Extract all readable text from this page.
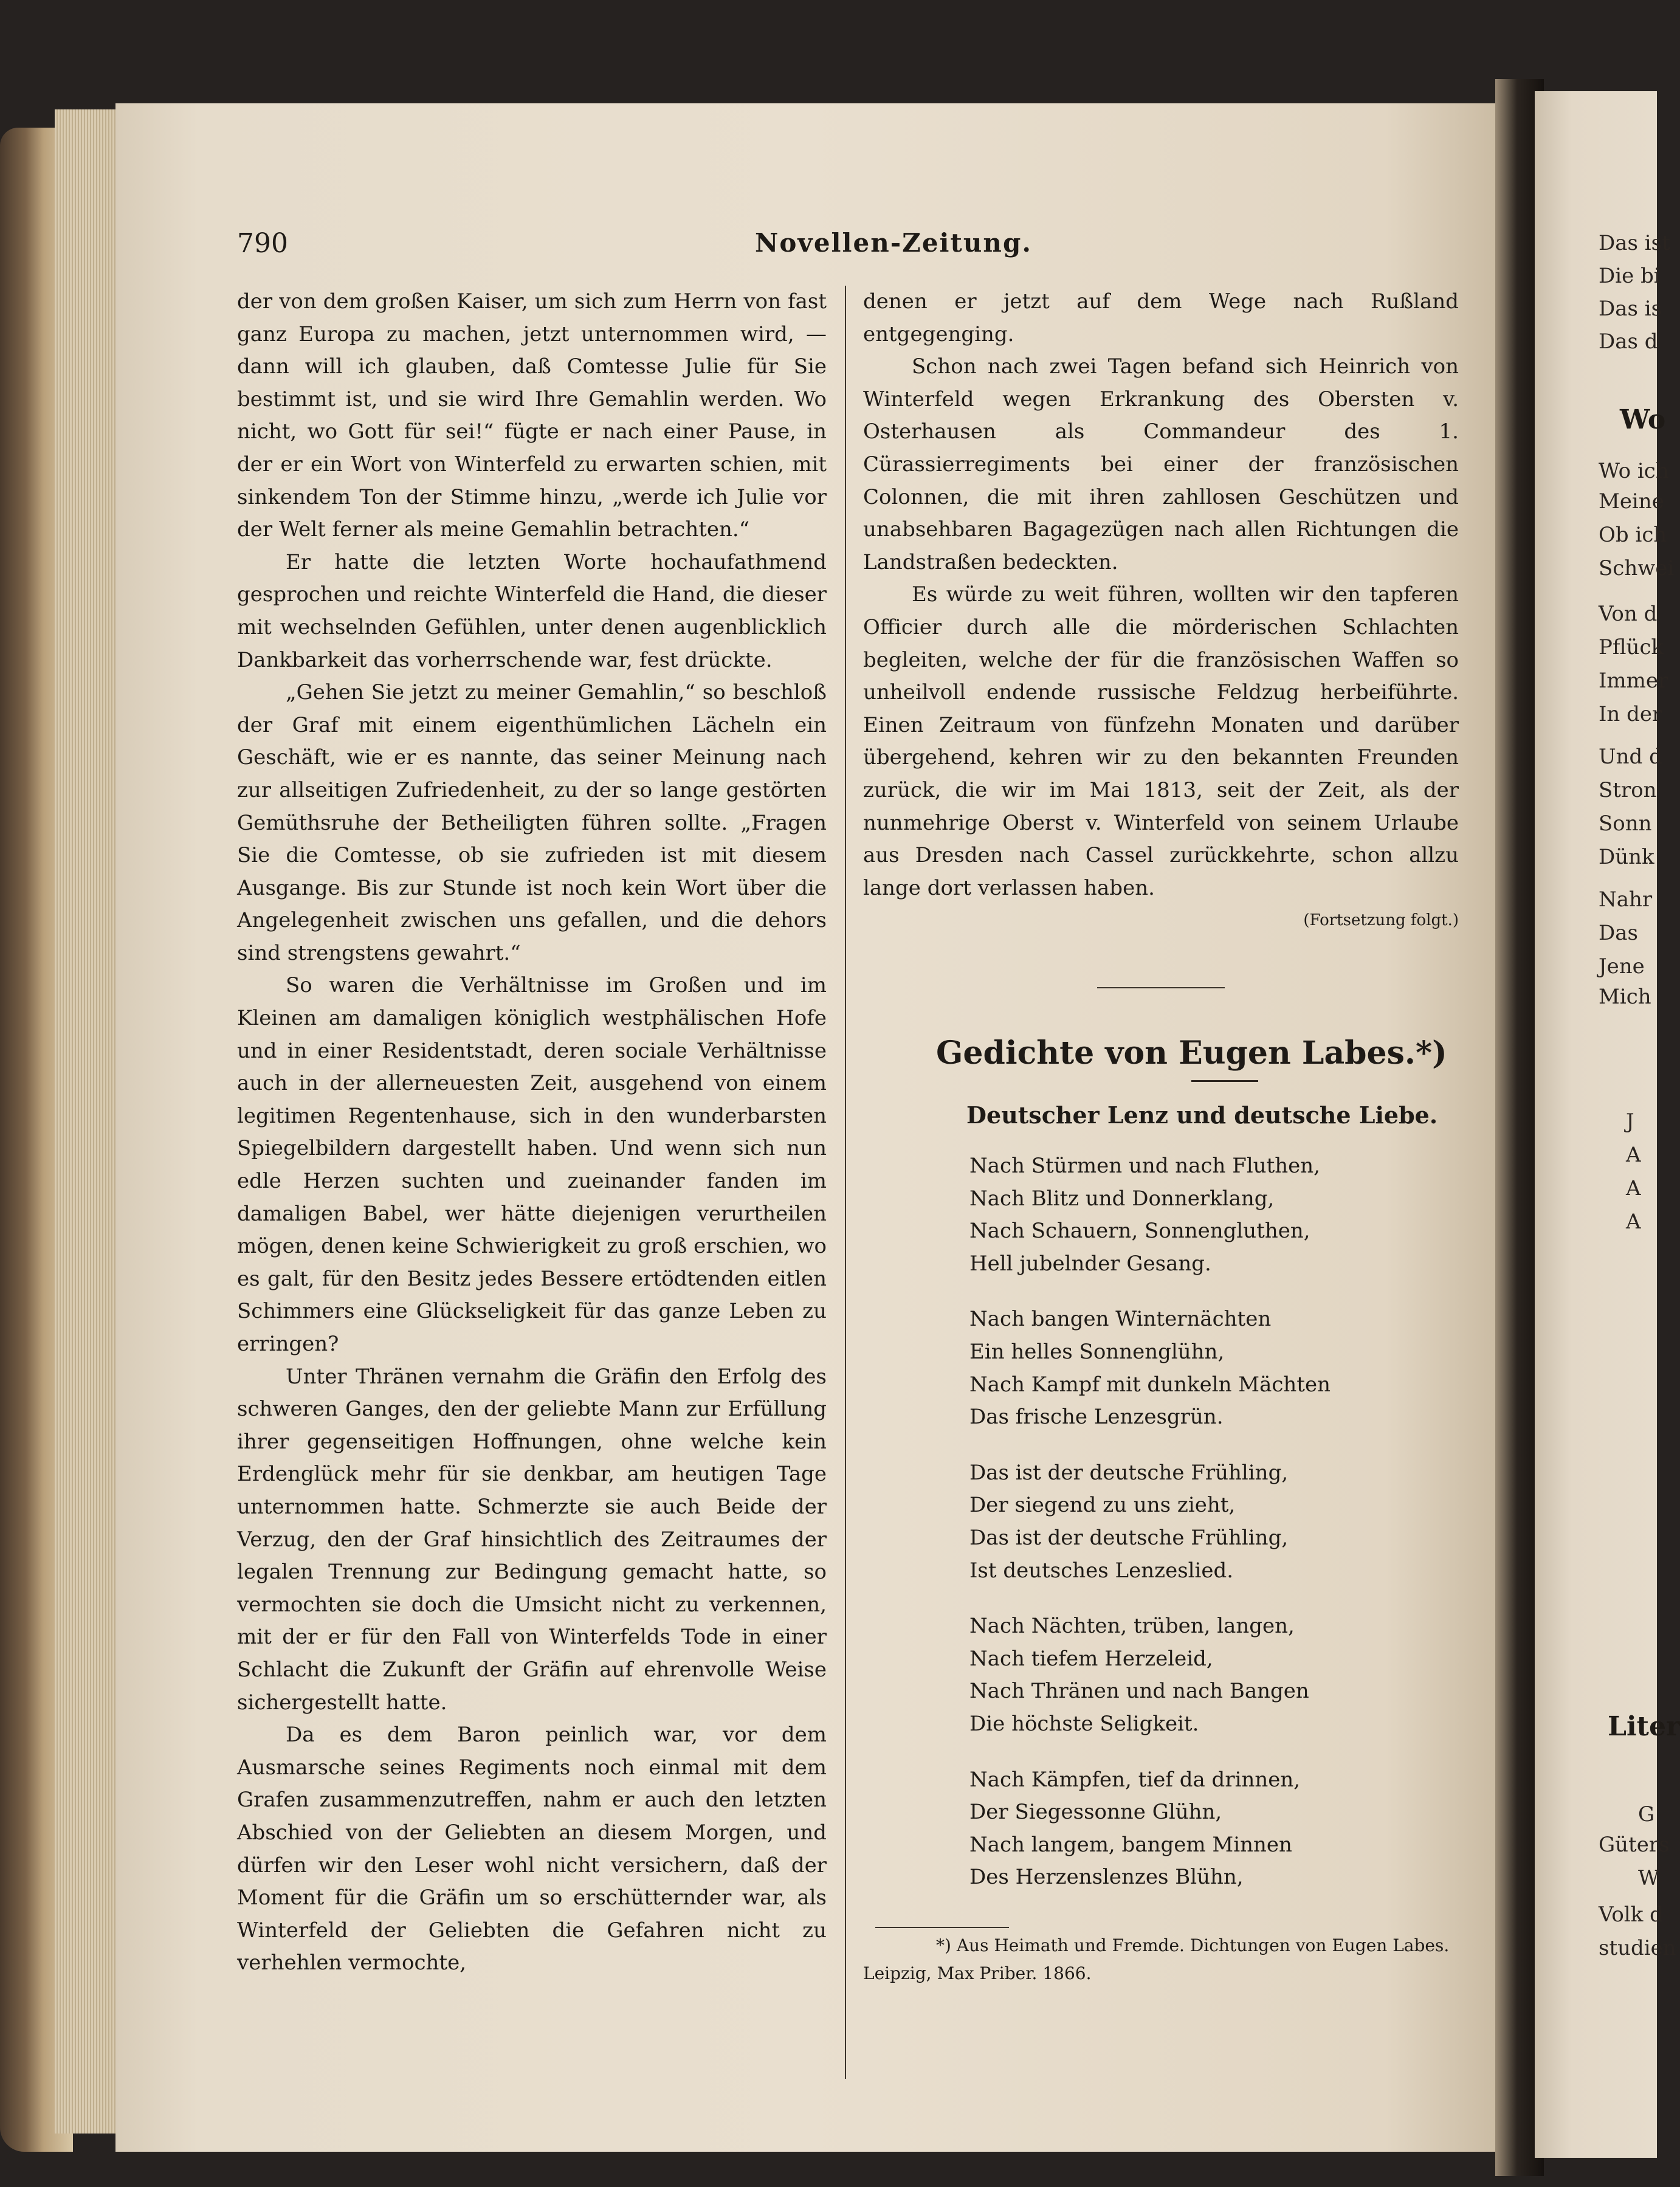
Das ist
Die bi
Das is
Das d
Wo
Wo ich
Meine
Ob ich
Schwei
Von d
Pflück
Immer
In der
Und d
Stron
Sonn
Dünk
Nahr
Das
Jene
Mich
J
A
A
A
Liter
G
Güters
W
Volk d
studien
790	Novellen-Zeitung.

der von dem großen Kaiser, um sich zum Herrn von fast ganz Europa zu machen, jetzt unternommen wird, — dann will ich glauben, daß Comtesse Julie für Sie bestimmt ist, und sie wird Ihre Gemahlin werden. Wo nicht, wo Gott für sei!“ fügte er nach einer Pause, in der er ein Wort von Winterfeld zu erwarten schien, mit sinkendem Ton der Stimme hinzu, „werde ich Julie vor der Welt ferner als meine Gemahlin betrachten.“

Er hatte die letzten Worte hochaufathmend gesprochen und reichte Winterfeld die Hand, die dieser mit wechselnden Gefühlen, unter denen augenblicklich Dankbarkeit das vorherrschende war, fest drückte.

„Gehen Sie jetzt zu meiner Gemahlin,“ so beschloß der Graf mit einem eigenthümlichen Lächeln ein Geschäft, wie er es nannte, das seiner Meinung nach zur allseitigen Zufriedenheit, zu der so lange gestörten Gemüthsruhe der Betheiligten führen sollte. „Fragen Sie die Comtesse, ob sie zufrieden ist mit diesem Ausgange. Bis zur Stunde ist noch kein Wort über die Angelegenheit zwischen uns gefallen, und die dehors sind strengstens gewahrt.“

So waren die Verhältnisse im Großen und im Kleinen am damaligen königlich westphälischen Hofe und in einer Residentstadt, deren sociale Verhältnisse auch in der allerneuesten Zeit, ausgehend von einem legitimen Regentenhause, sich in den wunderbarsten Spiegelbildern dargestellt haben. Und wenn sich nun edle Herzen suchten und zueinander fanden im damaligen Babel, wer hätte diejenigen verurtheilen mögen, denen keine Schwierigkeit zu groß erschien, wo es galt, für den Besitz jedes Bessere ertödtenden eitlen Schimmers eine Glückseligkeit für das ganze Leben zu erringen?

Unter Thränen vernahm die Gräfin den Erfolg des schweren Ganges, den der geliebte Mann zur Erfüllung ihrer gegenseitigen Hoffnungen, ohne welche kein Erdenglück mehr für sie denkbar, am heutigen Tage unternommen hatte. Schmerzte sie auch Beide der Verzug, den der Graf hinsichtlich des Zeitraumes der legalen Trennung zur Bedingung gemacht hatte, so vermochten sie doch die Umsicht nicht zu verkennen, mit der er für den Fall von Winterfelds Tode in einer Schlacht die Zukunft der Gräfin auf ehrenvolle Weise sichergestellt hatte.

Da es dem Baron peinlich war, vor dem Ausmarsche seines Regiments noch einmal mit dem Grafen zusammenzutreffen, nahm er auch den letzten Abschied von der Geliebten an diesem Morgen, und dürfen wir den Leser wohl nicht versichern, daß der Moment für die Gräfin um so erschütternder war, als Winterfeld der Geliebten die Gefahren nicht zu verhehlen vermochte,

denen er jetzt auf dem Wege nach Rußland entgegenging.

Schon nach zwei Tagen befand sich Heinrich von Winterfeld wegen Erkrankung des Obersten v. Osterhausen als Commandeur des 1. Cürassierregiments bei einer der französischen Colonnen, die mit ihren zahllosen Geschützen und unabsehbaren Bagagezügen nach allen Richtungen die Landstraßen bedeckten.

Es würde zu weit führen, wollten wir den tapferen Officier durch alle die mörderischen Schlachten begleiten, welche der für die französischen Waffen so unheilvoll endende russische Feldzug herbeiführte. Einen Zeitraum von fünfzehn Monaten und darüber übergehend, kehren wir zu den bekannten Freunden zurück, die wir im Mai 1813, seit der Zeit, als der nunmehrige Oberst v. Winterfeld von seinem Urlaube aus Dresden nach Cassel zurückkehrte, schon allzu lange dort verlassen haben.

(Fortsetzung folgt.)

Gedichte von Eugen Labes.*)
Deutscher Lenz und deutsche Liebe.
Nach Stürmen und nach Fluthen,
Nach Blitz und Donnerklang,
Nach Schauern, Sonnengluthen,
Hell jubelnder Gesang.
Nach bangen Winternächten
Ein helles Sonnenglühn,
Nach Kampf mit dunkeln Mächten
Das frische Lenzesgrün.
Das ist der deutsche Frühling,
Der siegend zu uns zieht,
Das ist der deutsche Frühling,
Ist deutsches Lenzeslied.
Nach Nächten, trüben, langen,
Nach tiefem Herzeleid,
Nach Thränen und nach Bangen
Die höchste Seligkeit.
Nach Kämpfen, tief da drinnen,
Der Siegessonne Glühn,
Nach langem, bangem Minnen
Des Herzenslenzes Blühn,
*) Aus Heimath und Fremde. Dichtungen von Eugen Labes.
Leipzig, Max Priber. 1866.
